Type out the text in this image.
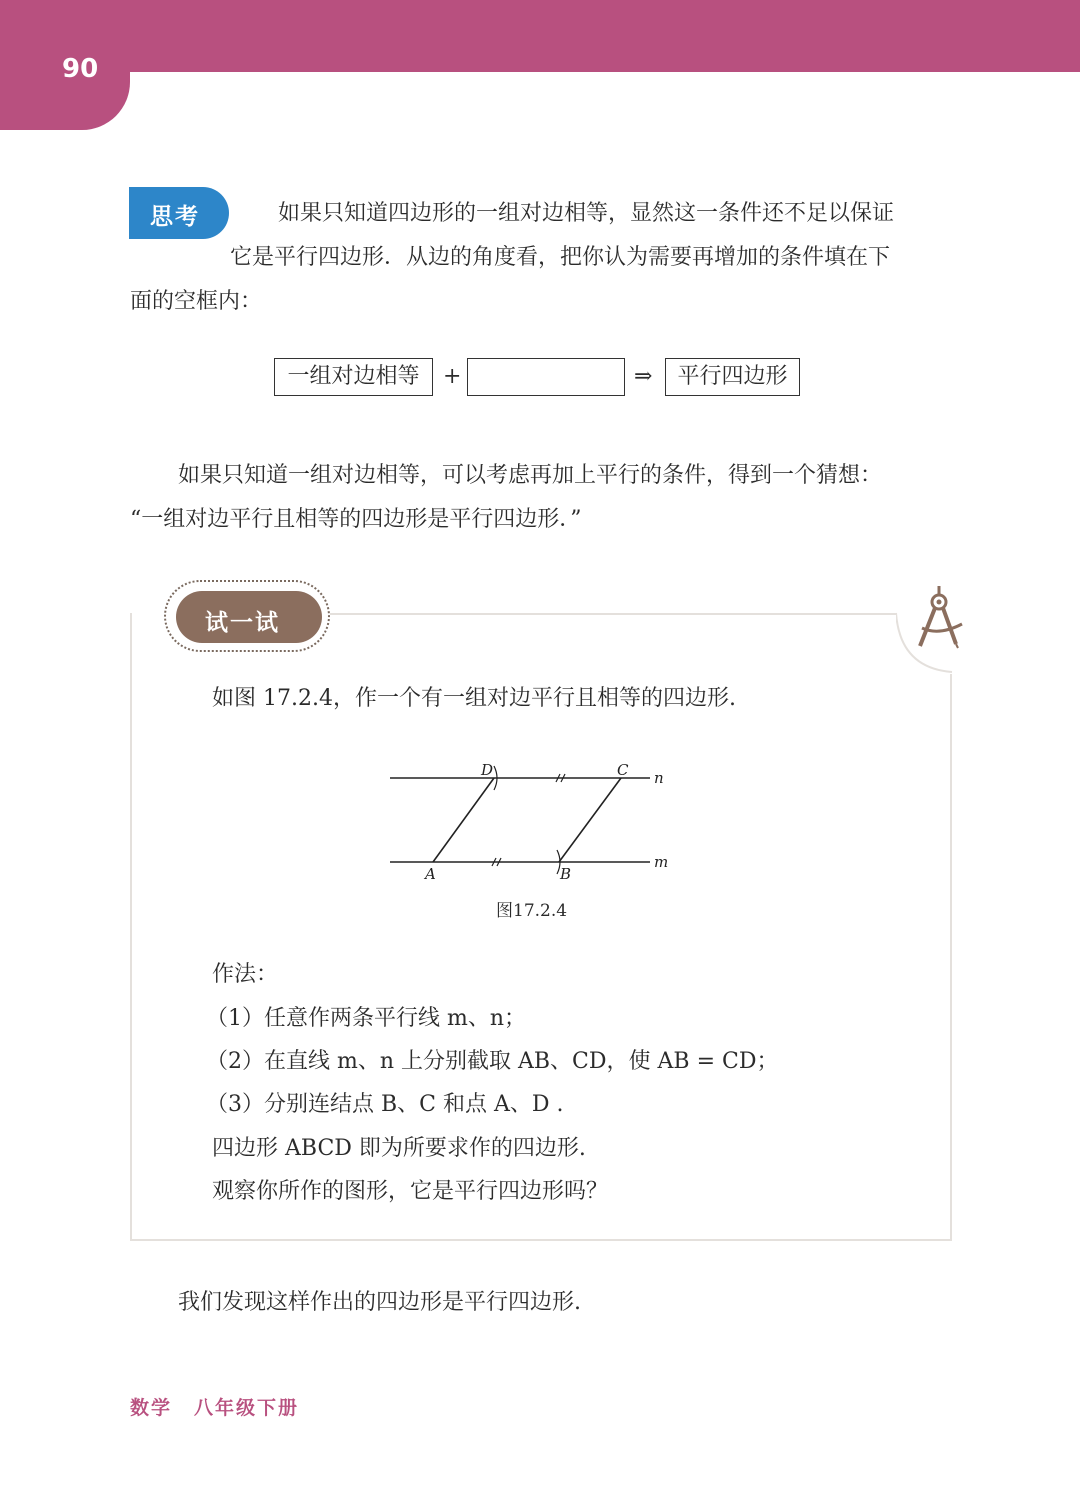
90
思考	如果只知道四边形的一组对边相等，显然这一条件还不足以保证
它是平行四边形．从边的角度看，把你认为需要再增加的条件填在下
面的空框内：
一组对边相等	+	⇒	平行四边形
如果只知道一组对边相等，可以考虑再加上平行的条件，得到一个猜想：
“一组对边平行且相等的四边形是平行四边形．”
试一试
如图 17.2.4，作一个有一组对边平行且相等的四边形.
D	C n
A	B
m
图17.2.4
作法：
（1）任意作两条平行线 m、n；
（2）在直线 m、n 上分别截取 AB、CD，使 AB = CD；
（3）分别连结点 B、C 和点 A、D .
四边形 ABCD 即为所要求作的四边形.
观察你所作的图形，它是平行四边形吗？
我们发现这样作出的四边形是平行四边形.
数学 八年级下册
